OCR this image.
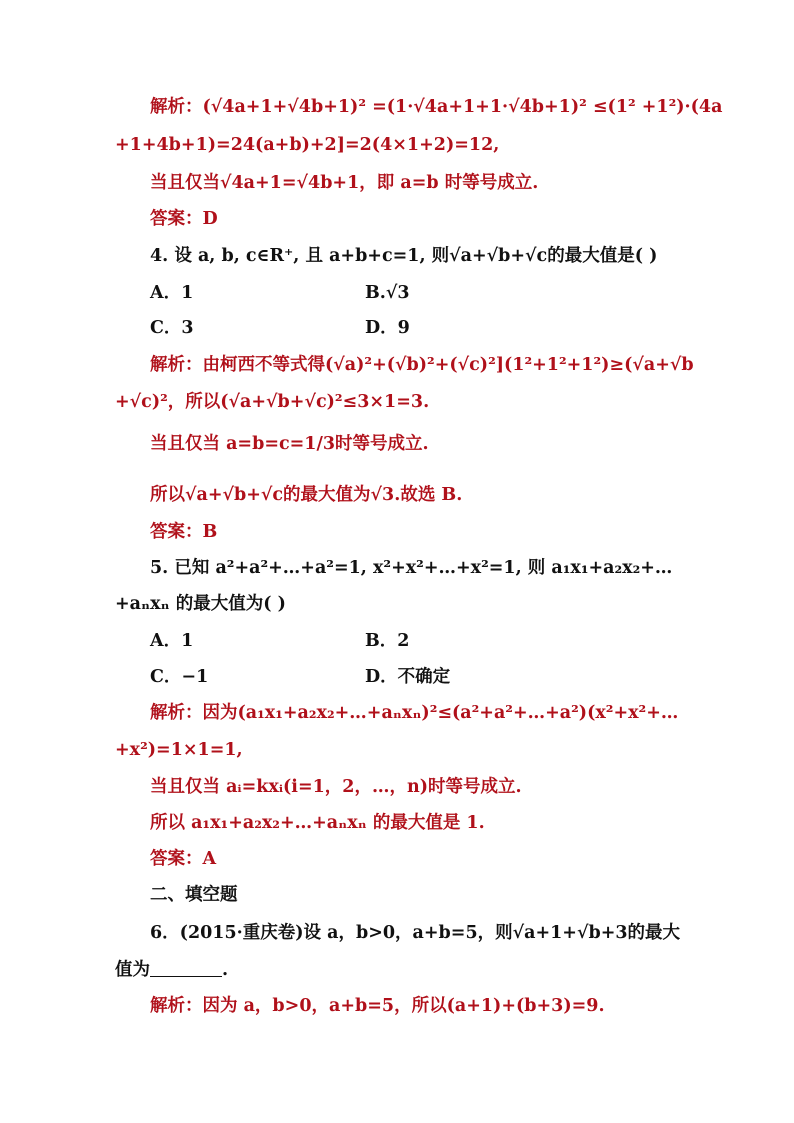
解析：(√4a+1+√4b+1)² =(1·√4a+1+1·√4b+1)² ≤(1² +1²)·(4a
+1+4b+1)=24(a+b)+2]=2(4×1+2)=12,
当且仅当√4a+1=√4b+1，即 a=b 时等号成立.
答案：D
4. 设 a, b, c∈R⁺, 且 a+b+c=1, 则√a+√b+√c的最大值是( )
A．1	B.√3
C．3	D．9
解析：由柯西不等式得(√a)²+(√b)²+(√c)²](1²+1²+1²)≥(√a+√b
+√c)²，所以(√a+√b+√c)²≤3×1=3.
当且仅当 a=b=c=1/3时等号成立.
所以√a+√b+√c的最大值为√3.故选 B.
答案：B
5. 已知 a²+a²+…+a²=1, x²+x²+…+x²=1, 则 a₁x₁+a₂x₂+…
+aₙxₙ 的最大值为( )
A．1	B．2
C．−1	D．不确定
解析：因为(a₁x₁+a₂x₂+…+aₙxₙ)²≤(a²+a²+…+a²)(x²+x²+…
+x²)=1×1=1,
当且仅当 aᵢ=kxᵢ(i=1，2，…，n)时等号成立.
所以 a₁x₁+a₂x₂+…+aₙxₙ 的最大值是 1.
答案：A
二、填空题
6．(2015·重庆卷)设 a，b>0，a+b=5，则√a+1+√b+3的最大
值为	.
解析：因为 a，b>0，a+b=5，所以(a+1)+(b+3)=9.
